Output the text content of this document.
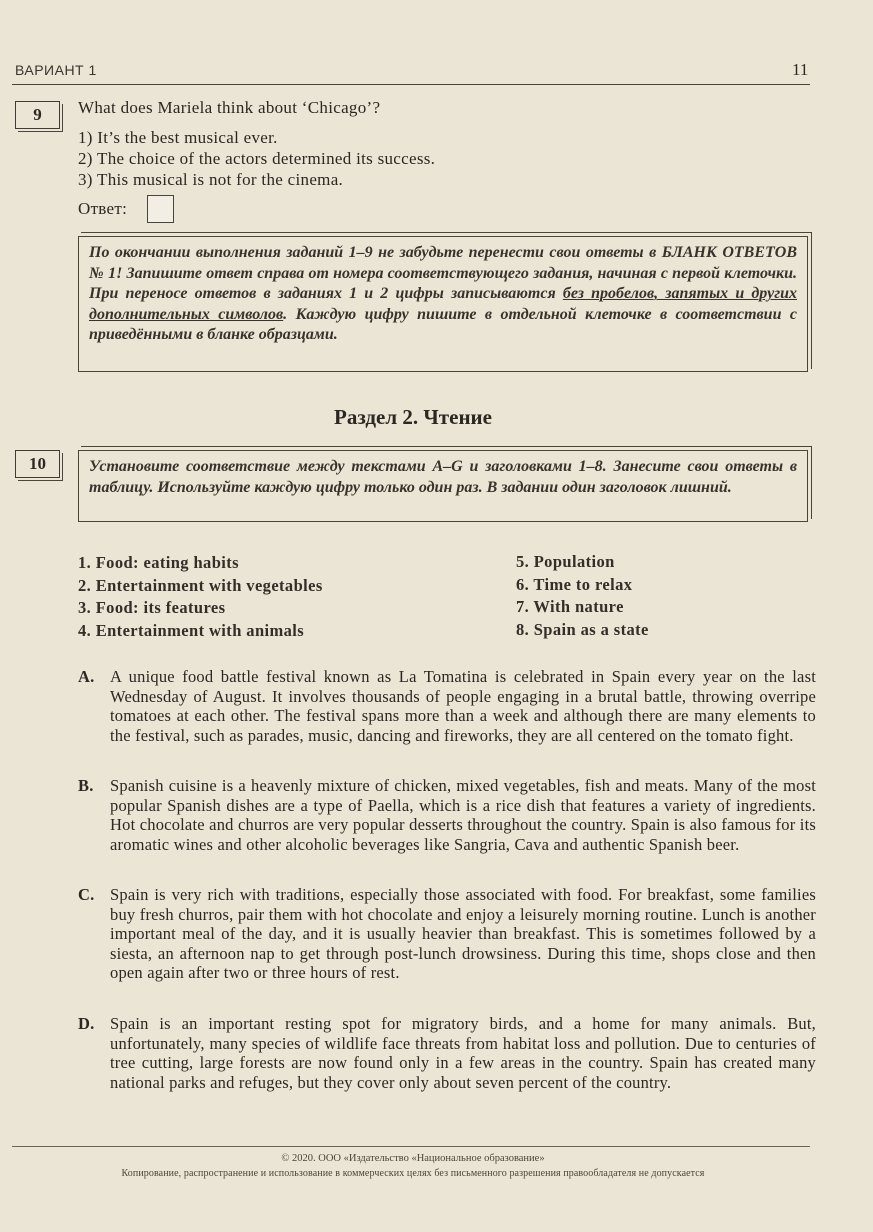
ВАРИАНТ 1	11
9	What does Mariela think about ‘Chicago’?
1) It’s the best musical ever.
2) The choice of the actors determined its success.
3) This musical is not for the cinema.
Ответ:
По окончании выполнения заданий 1–9 не забудьте перенести свои ответы в БЛАНК ОТВЕТОВ № 1! Запишите ответ справа от номера соответствующего задания, начиная с первой клеточки. При переносе ответов в заданиях 1 и 2 цифры записываются без пробелов, запятых и других дополнительных символов. Каждую цифру пишите в отдельной клеточке в соответствии с приведёнными в бланке образцами.
Раздел 2. Чтение
10	Установите соответствие между текстами A–G и заголовками 1–8. Занесите свои ответы в таблицу. Используйте каждую цифру только один раз. В задании один заголовок лишний.
1. Food: eating habits
2. Entertainment with vegetables
3. Food: its features
4. Entertainment with animals
5. Population
6. Time to relax
7. With nature
8. Spain as a state
A. A unique food battle festival known as La Tomatina is celebrated in Spain every year on the last Wednesday of August. It involves thousands of people engaging in a brutal battle, throwing overripe tomatoes at each other. The festival spans more than a week and although there are many elements to the festival, such as parades, music, dancing and fireworks, they are all centered on the tomato fight.
B. Spanish cuisine is a heavenly mixture of chicken, mixed vegetables, fish and meats. Many of the most popular Spanish dishes are a type of Paella, which is a rice dish that features a variety of ingredients. Hot chocolate and churros are very popular desserts throughout the country. Spain is also famous for its aromatic wines and other alcoholic beverages like Sangria, Cava and authentic Spanish beer.
C. Spain is very rich with traditions, especially those associated with food. For breakfast, some families buy fresh churros, pair them with hot chocolate and enjoy a leisurely morning routine. Lunch is another important meal of the day, and it is usually heavier than breakfast. This is sometimes followed by a siesta, an afternoon nap to get through post-lunch drowsiness. During this time, shops close and then open again after two or three hours of rest.
D. Spain is an important resting spot for migratory birds, and a home for many animals. But, unfortunately, many species of wildlife face threats from habitat loss and pollution. Due to centuries of tree cutting, large forests are now found only in a few areas in the country. Spain has created many national parks and refuges, but they cover only about seven percent of the country.
© 2020. ООО «Издательство «Национальное образование»
Копирование, распространение и использование в коммерческих целях без письменного разрешения правообладателя не допускается
